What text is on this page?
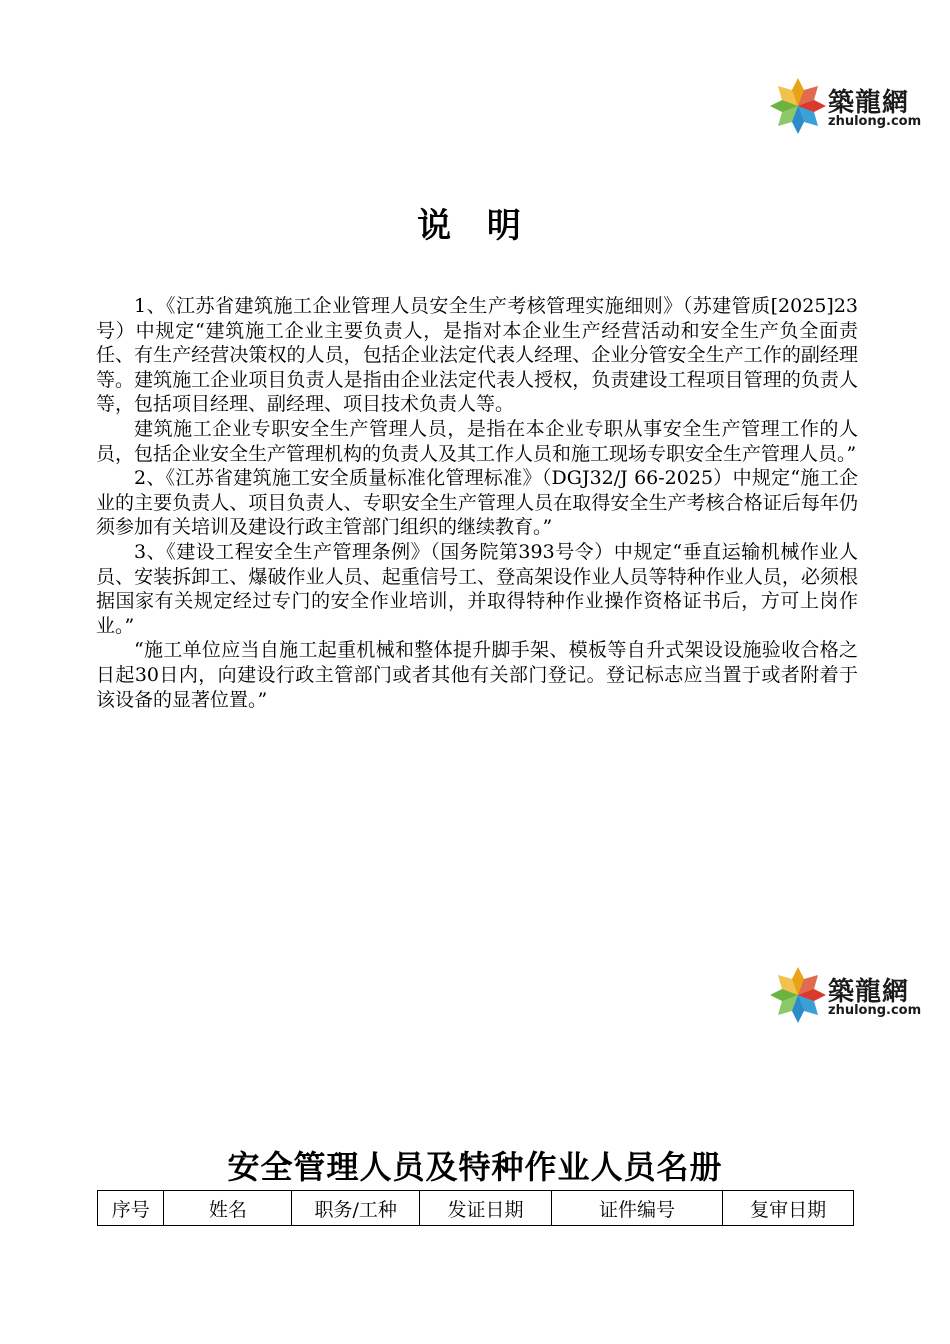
築龍網
zhulong.com
说 明

1、《江苏省建筑施工企业管理人员安全生产考核管理实施细则》（苏建管质[2025]23号）中规定“建筑施工企业主要负责人，是指对本企业生产经营活动和安全生产负全面责任、有生产经营决策权的人员，包括企业法定代表人经理、企业分管安全生产工作的副经理等。建筑施工企业项目负责人是指由企业法定代表人授权，负责建设工程项目管理的负责人等，包括项目经理、副经理、项目技术负责人等。

建筑施工企业专职安全生产管理人员，是指在本企业专职从事安全生产管理工作的人员，包括企业安全生产管理机构的负责人及其工作人员和施工现场专职安全生产管理人员。”

2、《江苏省建筑施工安全质量标准化管理标准》（DGJ32/J 66-2025）中规定“施工企业的主要负责人、项目负责人、专职安全生产管理人员在取得安全生产考核合格证后每年仍须参加有关培训及建设行政主管部门组织的继续教育。”

3、《建设工程安全生产管理条例》（国务院第393号令）中规定“垂直运输机械作业人员、安装拆卸工、爆破作业人员、起重信号工、登高架设作业人员等特种作业人员，必须根据国家有关规定经过专门的安全作业培训，并取得特种作业操作资格证书后，方可上岗作业。”

“施工单位应当自施工起重机械和整体提升脚手架、模板等自升式架设设施验收合格之日起30日内，向建设行政主管部门或者其他有关部门登记。登记标志应当置于或者附着于该设备的显著位置。”

築龍網
zhulong.com
安全管理人员及特种作业人员名册
序号	姓名	职务/工种	发证日期	证件编号	复审日期
